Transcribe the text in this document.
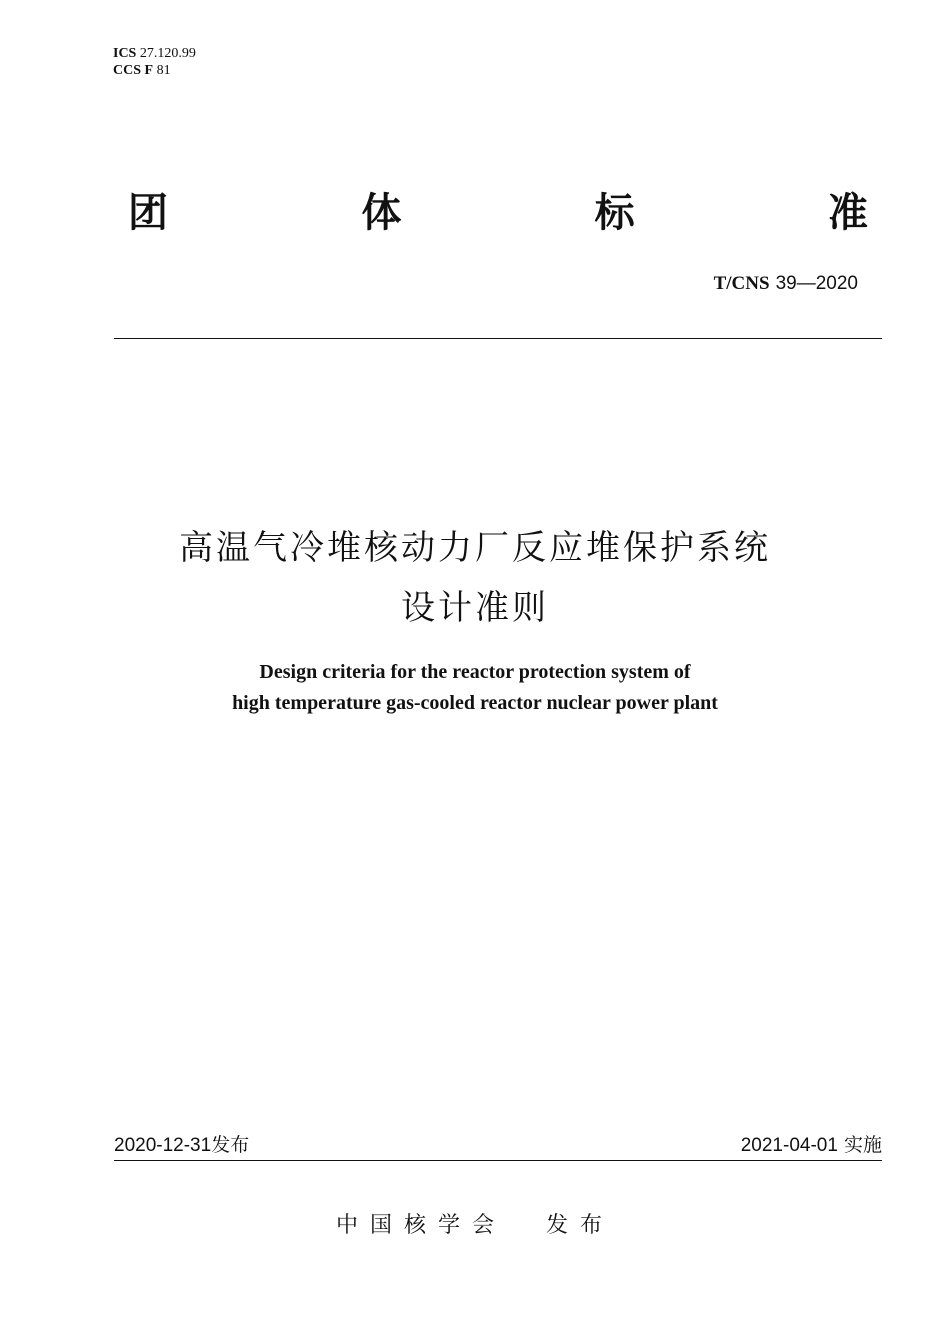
ICS 27.120.99
CCS F 81
团	体	标	准
T/CNS 39—2020
高温气冷堆核动力厂反应堆保护系统
设计准则
Design criteria for the reactor protection system of
high temperature gas-cooled reactor nuclear power plant
2020-12-31发布	2021-04-01 实施
中国核学会 发布
